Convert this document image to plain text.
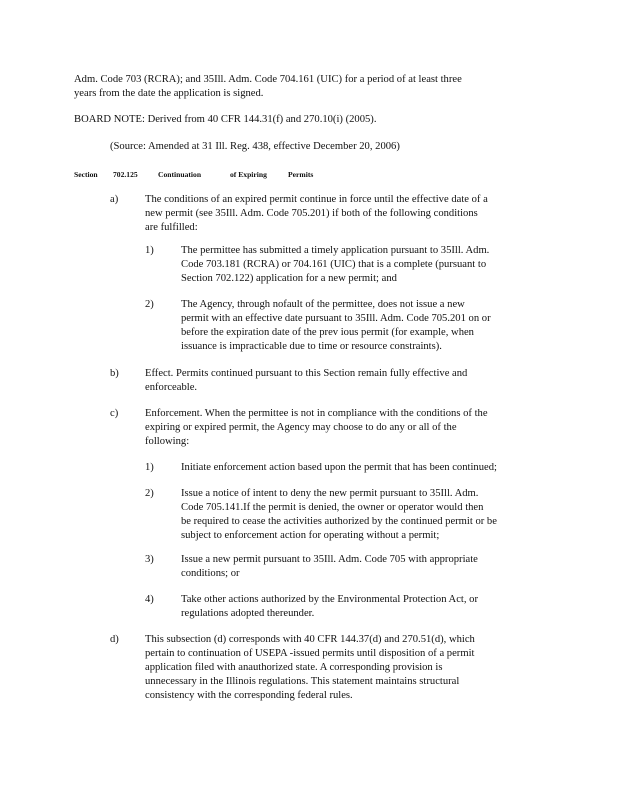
Adm. Code 703 (RCRA); and 35Ill. Adm. Code 704.161 (UIC) for a period of at least three
years from the date the application is signed.
BOARD NOTE: Derived from 40 CFR 144.31(f) and 270.10(i) (2005).
(Source: Amended at 31 Ill. Reg. 438, effective December 20, 2006)
Section 702.125	Continuation	of Expiring	Permits
a)	The conditions of an expired permit continue in force until the effective date of a
new permit (see 35Ill. Adm. Code 705.201) if both of the following conditions
are fulfilled:
1)	The permittee has submitted a timely application pursuant to 35Ill. Adm.
Code 703.181 (RCRA) or 704.161 (UIC) that is a complete (pursuant to
Section 702.122) application for a new permit; and
2)	The Agency, through nofault of the permittee, does not issue a new
permit with an effective date pursuant to 35Ill. Adm. Code 705.201 on or
before the expiration date of the prev ious permit (for example, when
issuance is impracticable due to time or resource constraints).
b) Effect. Permits continued pursuant to this Section remain fully effective and
enforceable.
c)	Enforcement. When the permittee is not in compliance with the conditions of the
expiring or expired permit, the Agency may choose to do any or all of the
following:
1)	Initiate enforcement action based upon the permit that has been continued;
2)	Issue a notice of intent to deny the new permit pursuant to 35Ill. Adm.
Code 705.141.If the permit is denied, the owner or operator would then
be required to cease the activities authorized by the continued permit or be
subject to enforcement action for operating without a permit;
3)	Issue a new permit pursuant to 35Ill. Adm. Code 705 with appropriate
conditions; or
4)	Take other actions authorized by the Environmental Protection Act, or
regulations adopted thereunder.
d) This subsection (d) corresponds with 40 CFR 144.37(d) and 270.51(d), which
pertain to continuation of USEPA -issued permits until disposition of a permit
application filed with anauthorized state. A corresponding provision is
unnecessary in the Illinois regulations. This statement maintains structural
consistency with the corresponding federal rules.
